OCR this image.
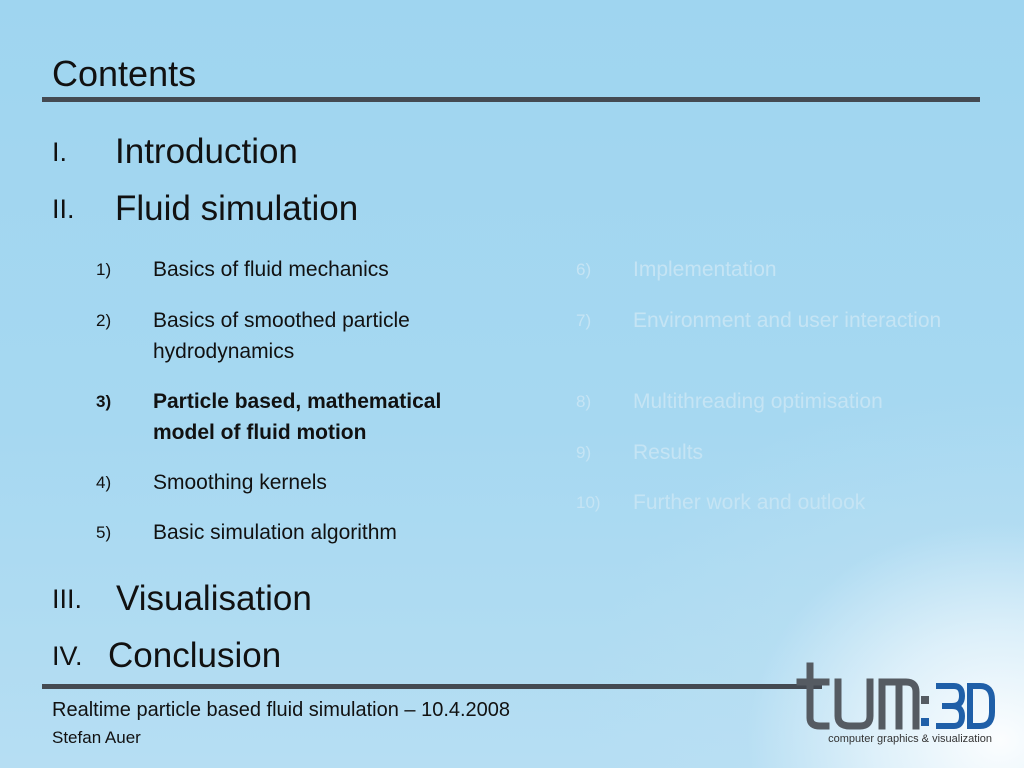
Contents
I. Introduction
II. Fluid simulation
1) Basics of fluid mechanics
2) Basics of smoothed particle hydrodynamics
3) Particle based, mathematical model of fluid motion
4) Smoothing kernels
5) Basic simulation algorithm
6) Implementation
7) Environment and user interaction
8) Multithreading optimisation
9) Results
10) Further work and outlook
III. Visualisation
IV. Conclusion
Realtime particle based fluid simulation – 10.4.2008
Stefan Auer	computer graphics & visualization
